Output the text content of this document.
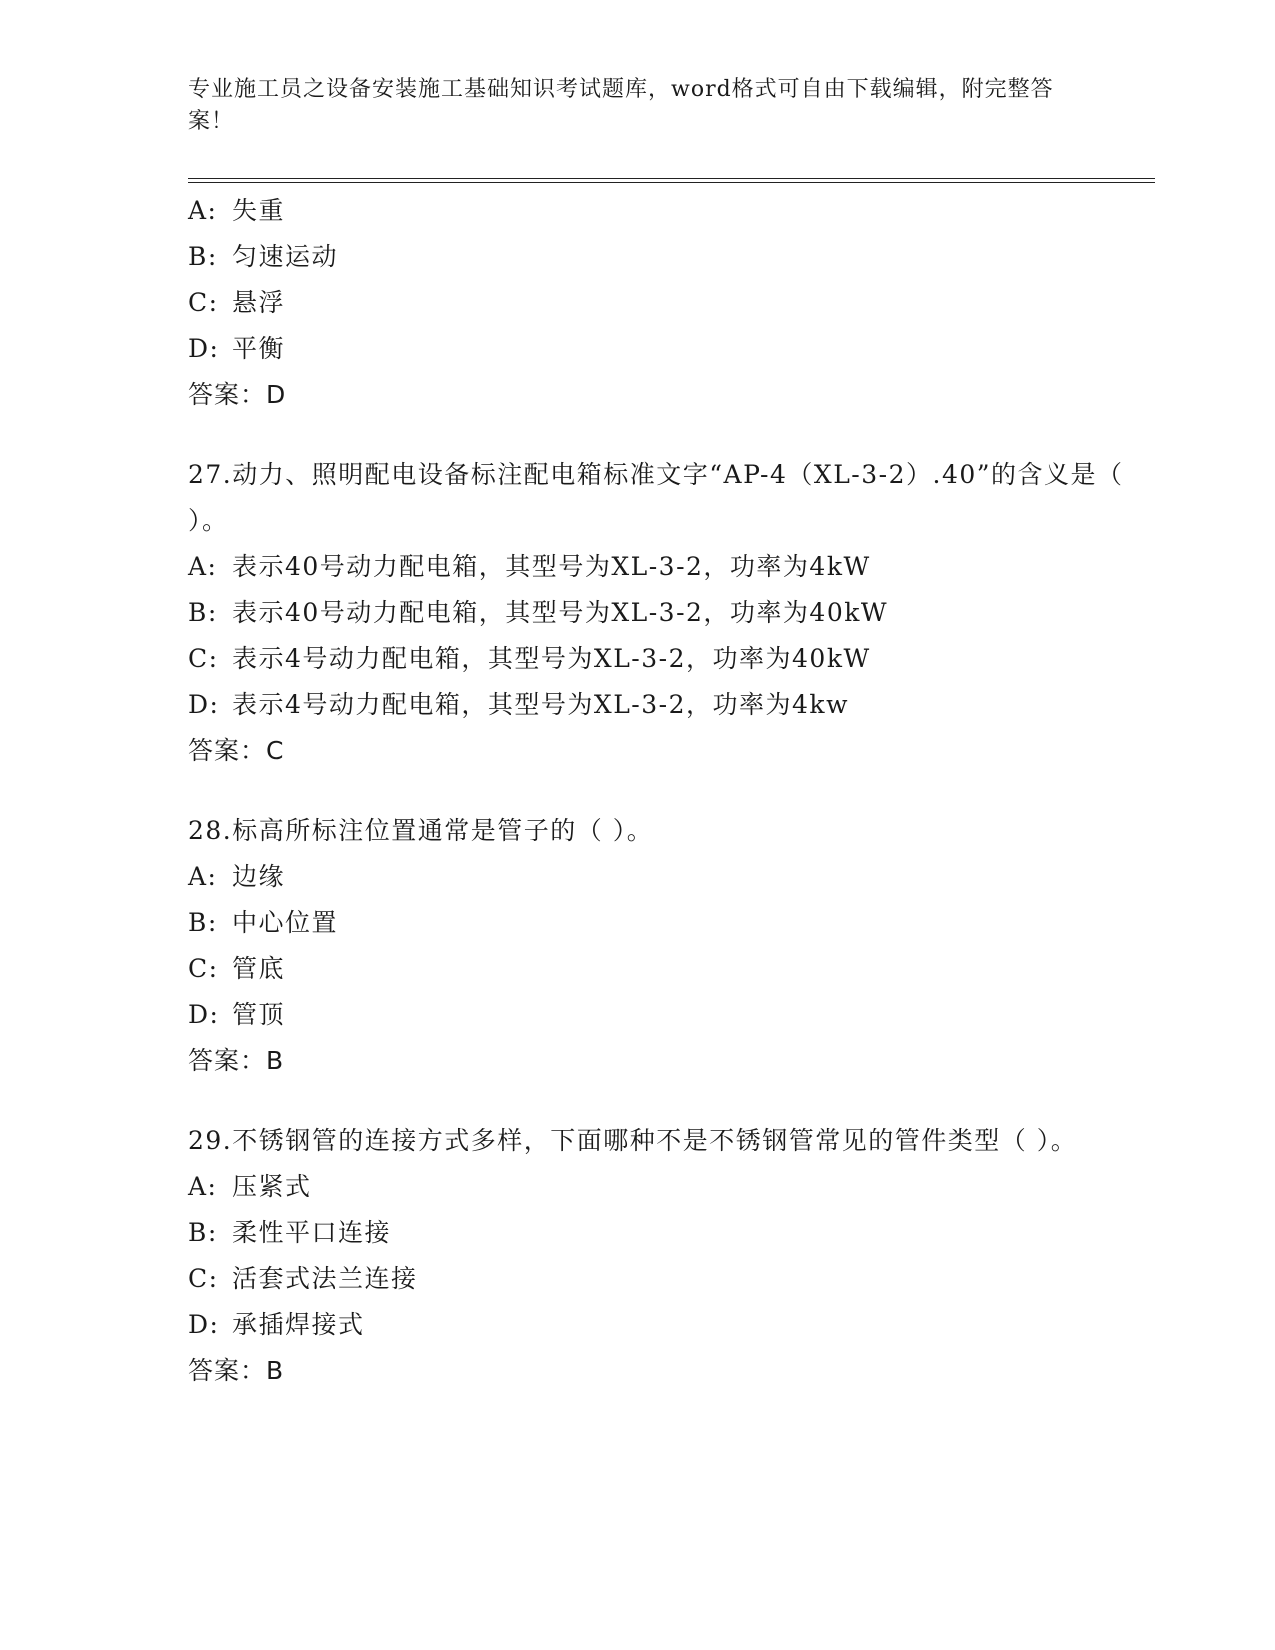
专业施工员之设备安装施工基础知识考试题库，word格式可自由下载编辑，附完整答案！
A: 失重
B: 匀速运动
C: 悬浮
D: 平衡
答案：D
27.动力、照明配电设备标注配电箱标准文字“AP-4（XL-3-2）.40”的含义是（ ）。
A: 表示40号动力配电箱，其型号为XL-3-2，功率为4kW
B: 表示40号动力配电箱，其型号为XL-3-2，功率为40kW
C: 表示4号动力配电箱，其型号为XL-3-2，功率为40kW
D: 表示4号动力配电箱，其型号为XL-3-2，功率为4kw
答案：C
28.标高所标注位置通常是管子的（ ）。
A: 边缘
B: 中心位置
C: 管底
D: 管顶
答案：B
29.不锈钢管的连接方式多样，下面哪种不是不锈钢管常见的管件类型（ ）。
A: 压紧式
B: 柔性平口连接
C: 活套式法兰连接
D: 承插焊接式
答案：B
